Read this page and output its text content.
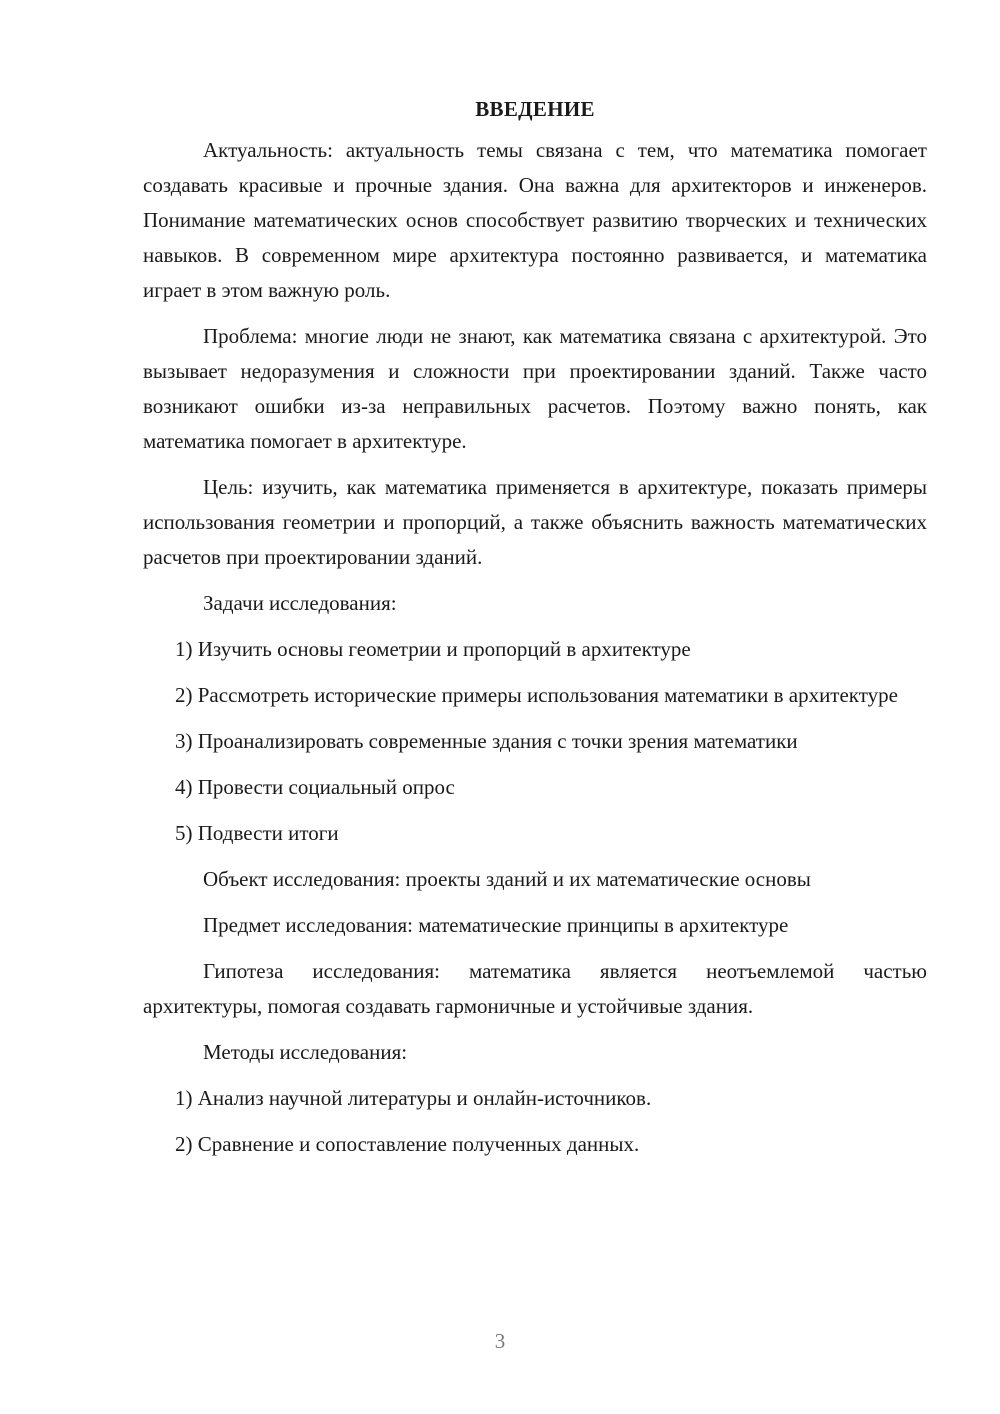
ВВЕДЕНИЕ

Актуальность: актуальность темы связана с тем, что математика помогает создавать красивые и прочные здания. Она важна для архитекторов и инженеров. Понимание математических основ способствует развитию творческих и технических навыков. В современном мире архитектура постоянно развивается, и математика играет в этом важную роль.

Проблема: многие люди не знают, как математика связана с архитектурой. Это вызывает недоразумения и сложности при проектировании зданий. Также часто возникают ошибки из-за неправильных расчетов. Поэтому важно понять, как математика помогает в архитектуре.

Цель: изучить, как математика применяется в архитектуре, показать примеры использования геометрии и пропорций, а также объяснить важность математических расчетов при проектировании зданий.

Задачи исследования:

1) Изучить основы геометрии и пропорций в архитектуре

2) Рассмотреть исторические примеры использования математики в архитектуре

3) Проанализировать современные здания с точки зрения математики

4) Провести социальный опрос

5) Подвести итоги

Объект исследования: проекты зданий и их математические основы

Предмет исследования: математические принципы в архитектуре

Гипотеза исследования: математика является неотъемлемой частью архитектуры, помогая создавать гармоничные и устойчивые здания.

Методы исследования:

1) Анализ научной литературы и онлайн-источников.

2) Сравнение и сопоставление полученных данных.

3
